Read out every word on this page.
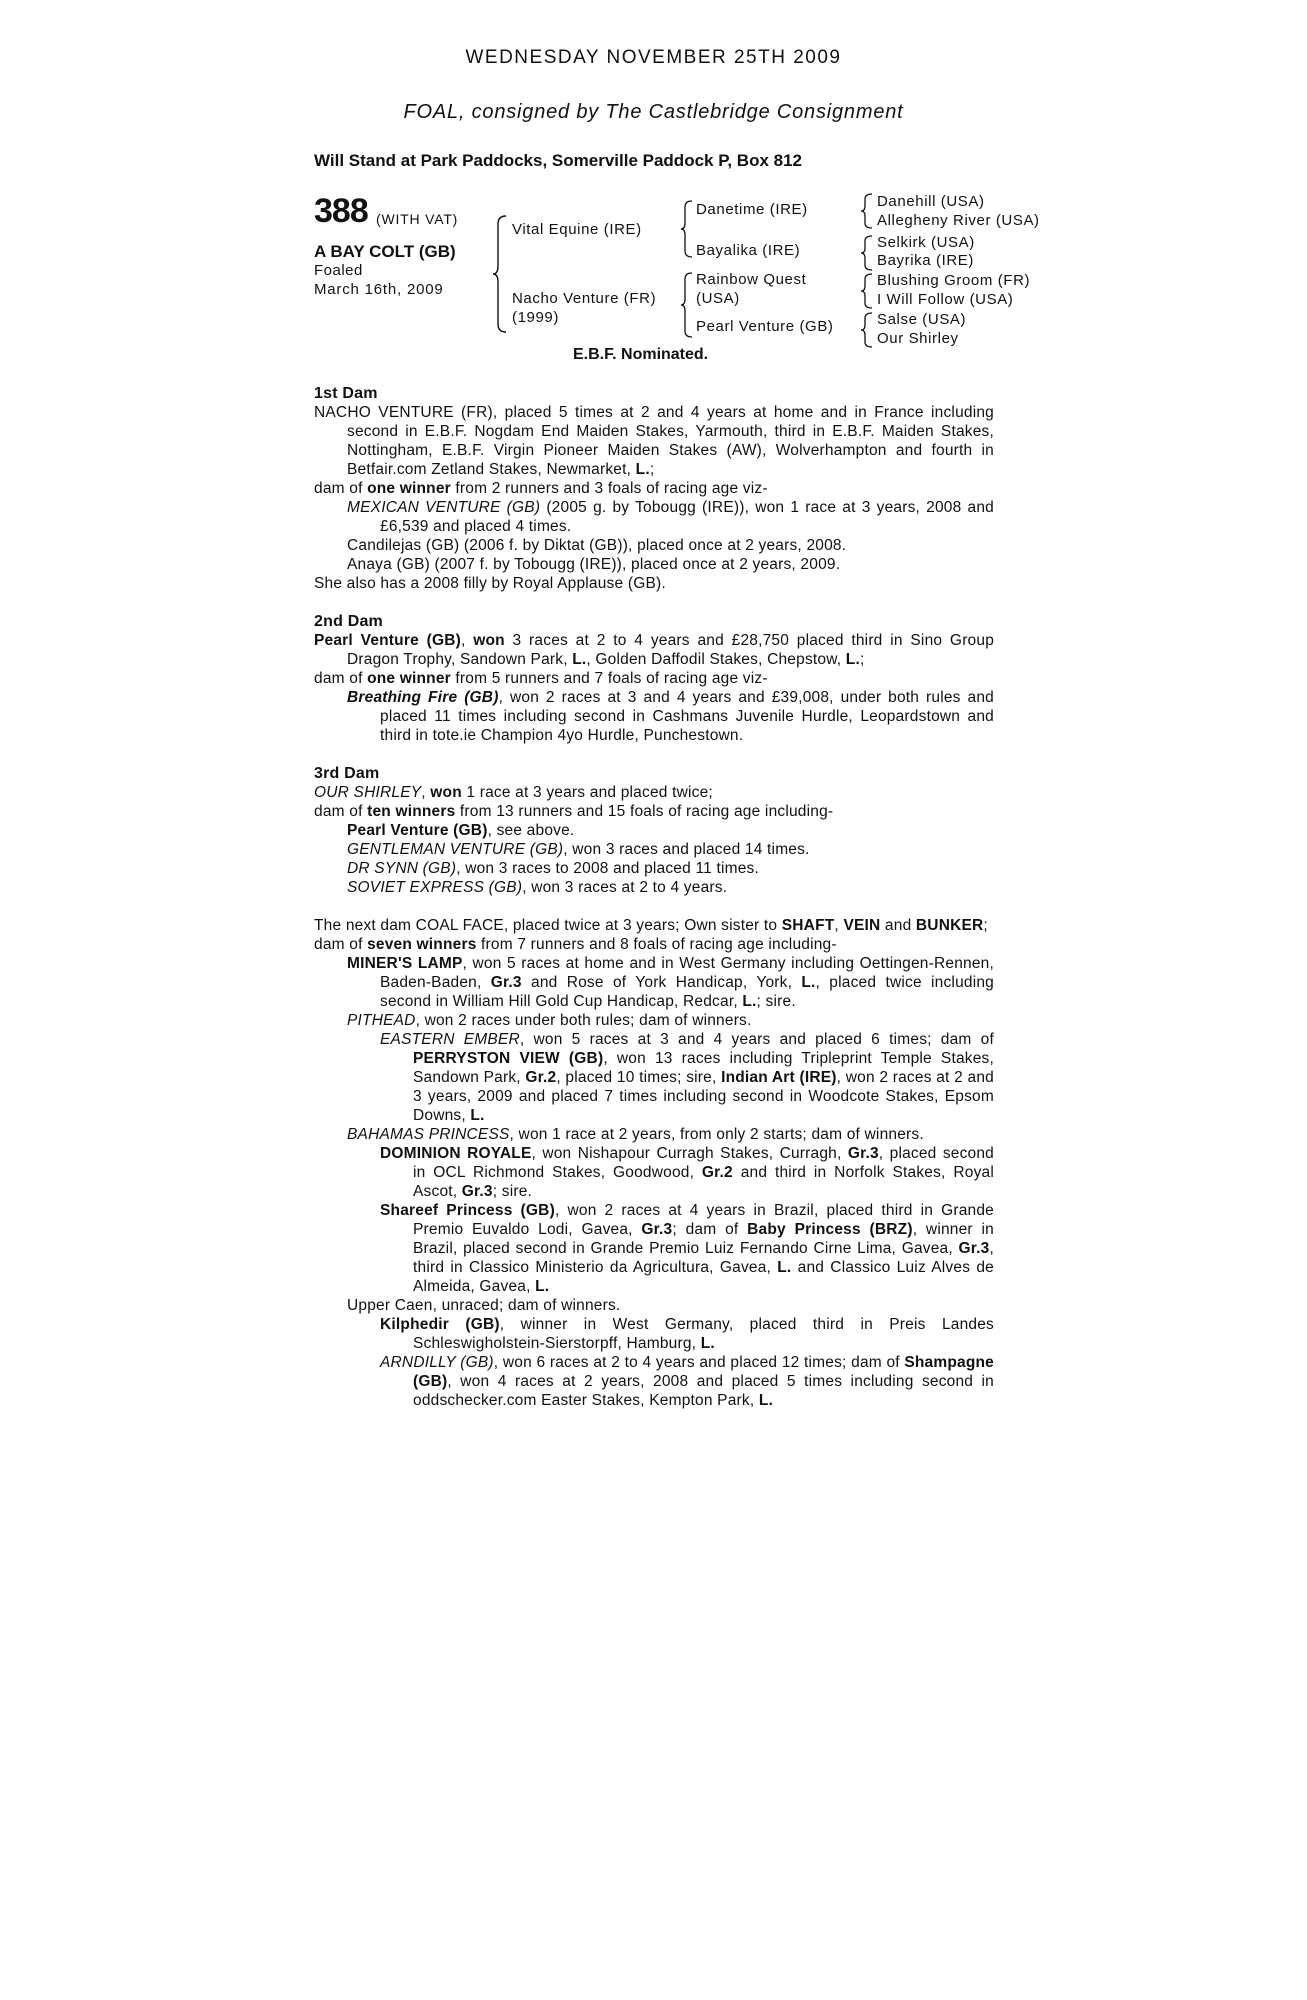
WEDNESDAY NOVEMBER 25TH 2009
FOAL, consigned by The Castlebridge Consignment
Will Stand at Park Paddocks, Somerville Paddock P, Box 812
388 (WITH VAT)
A BAY COLT (GB)
Foaled
March 16th, 2009
Vital Equine (IRE)
Nacho Venture (FR)
(1999)
Danetime (IRE)
Bayalika (IRE)
Rainbow Quest
(USA)
Pearl Venture (GB)
Danehill (USA)
Allegheny River (USA)
Selkirk (USA)
Bayrika (IRE)
Blushing Groom (FR)
I Will Follow (USA)
Salse (USA)
Our Shirley
E.B.F. Nominated.

1st Dam

NACHO VENTURE (FR), placed 5 times at 2 and 4 years at home and in France including second in E.B.F. Nogdam End Maiden Stakes, Yarmouth, third in E.B.F. Maiden Stakes, Nottingham, E.B.F. Virgin Pioneer Maiden Stakes (AW), Wolverhampton and fourth in Betfair.com Zetland Stakes, Newmarket, L.;

dam of one winner from 2 runners and 3 foals of racing age viz-

MEXICAN VENTURE (GB) (2005 g. by Tobougg (IRE)), won 1 race at 3 years, 2008 and £6,539 and placed 4 times.

Candilejas (GB) (2006 f. by Diktat (GB)), placed once at 2 years, 2008.

Anaya (GB) (2007 f. by Tobougg (IRE)), placed once at 2 years, 2009.

She also has a 2008 filly by Royal Applause (GB).

2nd Dam

Pearl Venture (GB), won 3 races at 2 to 4 years and £28,750 placed third in Sino Group Dragon Trophy, Sandown Park, L., Golden Daffodil Stakes, Chepstow, L.;

dam of one winner from 5 runners and 7 foals of racing age viz-

Breathing Fire (GB), won 2 races at 3 and 4 years and £39,008, under both rules and placed 11 times including second in Cashmans Juvenile Hurdle, Leopardstown and third in tote.ie Champion 4yo Hurdle, Punchestown.

3rd Dam

OUR SHIRLEY, won 1 race at 3 years and placed twice;

dam of ten winners from 13 runners and 15 foals of racing age including-

Pearl Venture (GB), see above.

GENTLEMAN VENTURE (GB), won 3 races and placed 14 times.

DR SYNN (GB), won 3 races to 2008 and placed 11 times.

SOVIET EXPRESS (GB), won 3 races at 2 to 4 years.

The next dam COAL FACE, placed twice at 3 years; Own sister to SHAFT, VEIN and BUNKER;

dam of seven winners from 7 runners and 8 foals of racing age including-

MINER'S LAMP, won 5 races at home and in West Germany including Oettingen-Rennen, Baden-Baden, Gr.3 and Rose of York Handicap, York, L., placed twice including second in William Hill Gold Cup Handicap, Redcar, L.; sire.

PITHEAD, won 2 races under both rules; dam of winners.

EASTERN EMBER, won 5 races at 3 and 4 years and placed 6 times; dam of PERRYSTON VIEW (GB), won 13 races including Tripleprint Temple Stakes, Sandown Park, Gr.2, placed 10 times; sire, Indian Art (IRE), won 2 races at 2 and 3 years, 2009 and placed 7 times including second in Woodcote Stakes, Epsom Downs, L.

BAHAMAS PRINCESS, won 1 race at 2 years, from only 2 starts; dam of winners.

DOMINION ROYALE, won Nishapour Curragh Stakes, Curragh, Gr.3, placed second in OCL Richmond Stakes, Goodwood, Gr.2 and third in Norfolk Stakes, Royal Ascot, Gr.3; sire.

Shareef Princess (GB), won 2 races at 4 years in Brazil, placed third in Grande Premio Euvaldo Lodi, Gavea, Gr.3; dam of Baby Princess (BRZ), winner in Brazil, placed second in Grande Premio Luiz Fernando Cirne Lima, Gavea, Gr.3, third in Classico Ministerio da Agricultura, Gavea, L. and Classico Luiz Alves de Almeida, Gavea, L.

Upper Caen, unraced; dam of winners.

Kilphedir (GB), winner in West Germany, placed third in Preis Landes Schleswigholstein-Sierstorpff, Hamburg, L.

ARNDILLY (GB), won 6 races at 2 to 4 years and placed 12 times; dam of Shampagne (GB), won 4 races at 2 years, 2008 and placed 5 times including second in oddschecker.com Easter Stakes, Kempton Park, L.
